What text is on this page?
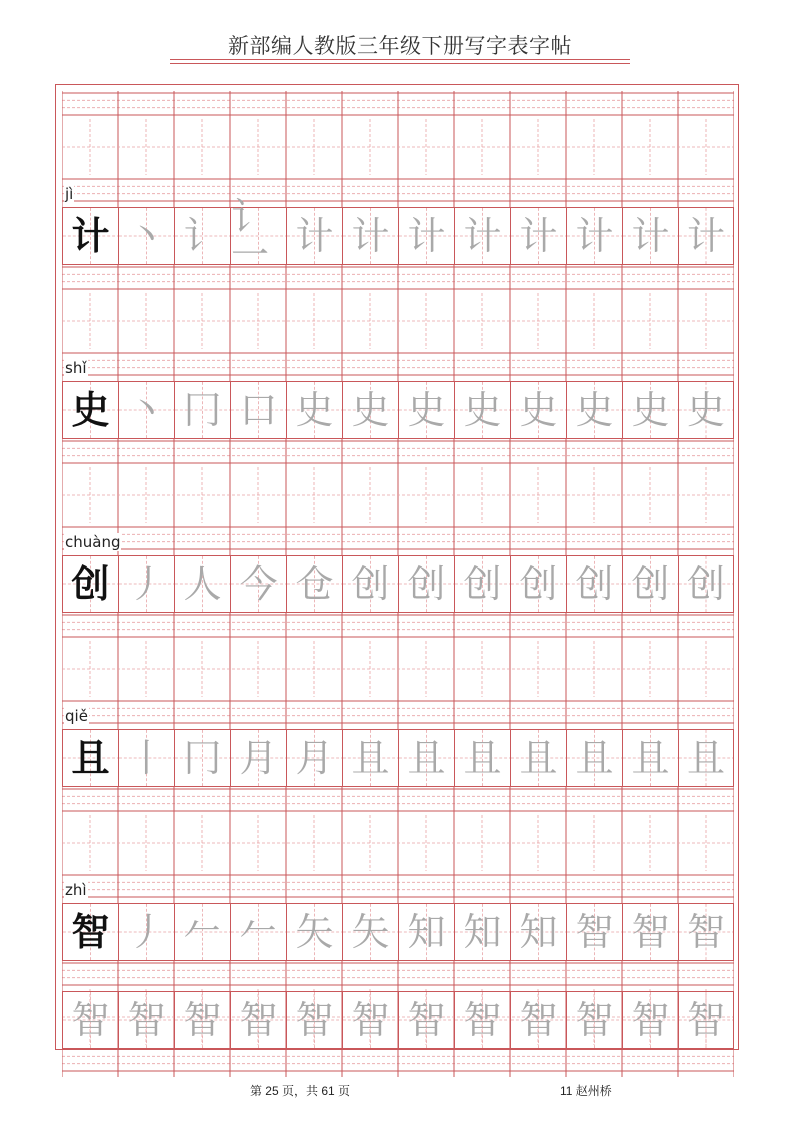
新部编人教版三年级下册写字表字帖
jì
计 丶 讠 讠一 计 计 计 计 计 计 计 计
shǐ
史 丶 冂 口 史 史 史 史 史 史 史 史
chuàng
创 丿 人 今 仓 创 创 创 创 创 创 创
qiě
且 丨 冂 月 月 且 且 且 且 且 且 且
zhì
智 丿 𠂉 𠂉 矢 矢 知 知 知 智 智 智
智 智 智 智 智 智 智 智 智 智 智 智
第 25 页，共 61 页	11 赵州桥
